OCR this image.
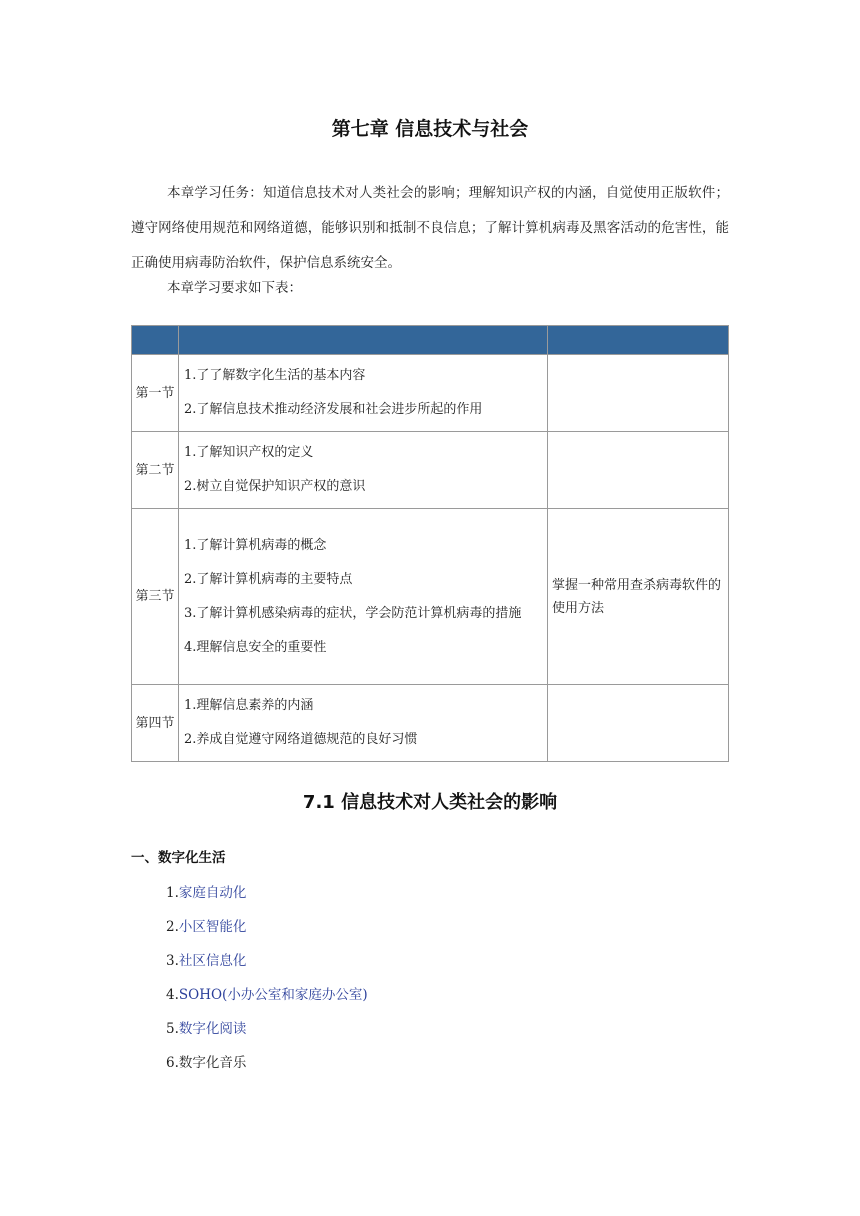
第七章 信息技术与社会

本章学习任务：知道信息技术对人类社会的影响；理解知识产权的内涵，自觉使用正版软件；遵守网络使用规范和网络道德，能够识别和抵制不良信息；了解计算机病毒及黑客活动的危害性，能正确使用病毒防治软件，保护信息系统安全。

本章学习要求如下表：

第一节	1.了了解数字化生活的基本内容
2.了解信息技术推动经济发展和社会进步所起的作用	

第二节	1.了解知识产权的定义
2.树立自觉保护知识产权的意识	

第三节	1.了解计算机病毒的概念
2.了解计算机病毒的主要特点
3.了解计算机感染病毒的症状，学会防范计算机病毒的措施
4.理解信息安全的重要性	掌握一种常用查杀病毒软件的使用方法
第四节	1.理解信息素养的内涵
2.养成自觉遵守网络道德规范的良好习惯	

7.1 信息技术对人类社会的影响
一、数字化生活
1.家庭自动化
2.小区智能化
3.社区信息化
4.SOHO(小办公室和家庭办公室)
5.数字化阅读
6.数字化音乐
